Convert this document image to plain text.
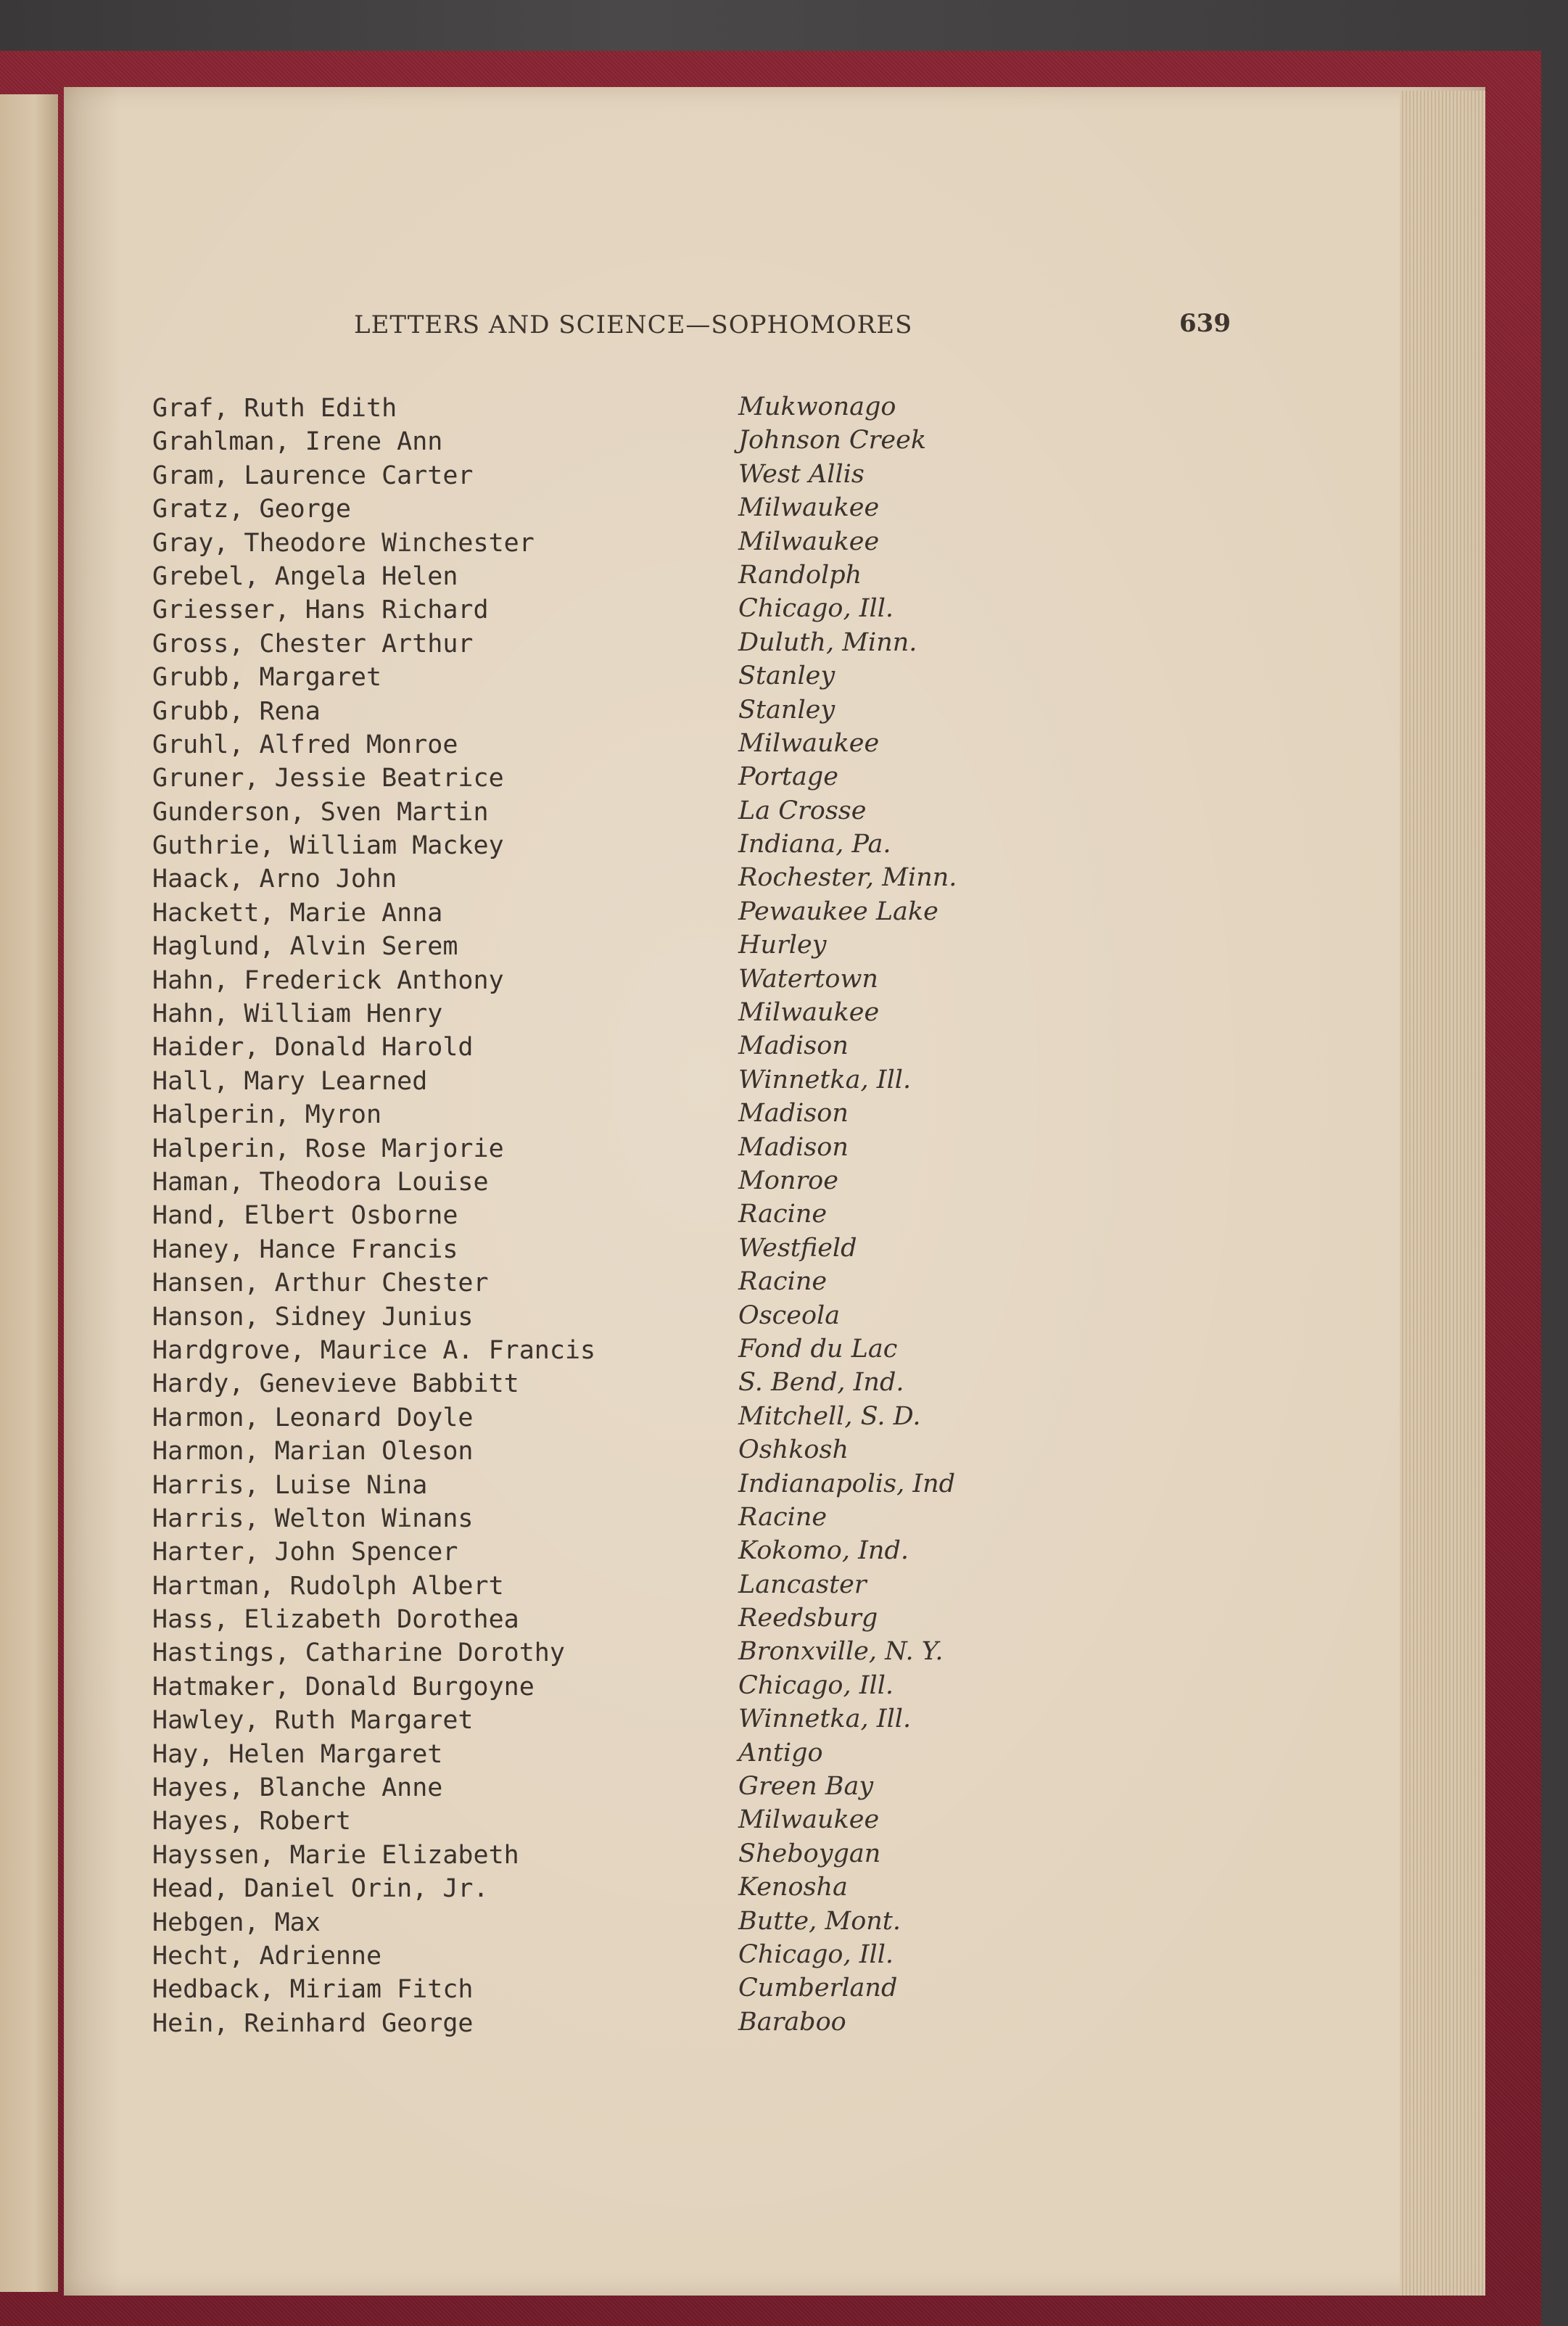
LETTERS AND SCIENCE—SOPHOMORES	639
Graf, Ruth Edith	Mukwonago
Grahlman, Irene Ann	Johnson Creek
Gram, Laurence Carter	West Allis
Gratz, George	Milwaukee
Gray, Theodore Winchester	Milwaukee
Grebel, Angela Helen	Randolph
Griesser, Hans Richard	Chicago, Ill.
Gross, Chester Arthur	Duluth, Minn.
Grubb, Margaret	Stanley
Grubb, Rena	Stanley
Gruhl, Alfred Monroe	Milwaukee
Gruner, Jessie Beatrice	Portage
Gunderson, Sven Martin	La Crosse
Guthrie, William Mackey	Indiana, Pa.
Haack, Arno John	Rochester, Minn.
Hackett, Marie Anna	Pewaukee Lake
Haglund, Alvin Serem	Hurley
Hahn, Frederick Anthony	Watertown
Hahn, William Henry	Milwaukee
Haider, Donald Harold	Madison
Hall, Mary Learned	Winnetka, Ill.
Halperin, Myron	Madison
Halperin, Rose Marjorie	Madison
Haman, Theodora Louise	Monroe
Hand, Elbert Osborne	Racine
Haney, Hance Francis	Westfield
Hansen, Arthur Chester	Racine
Hanson, Sidney Junius	Osceola
Hardgrove, Maurice A. Francis	Fond du Lac
Hardy, Genevieve Babbitt	S. Bend, Ind.
Harmon, Leonard Doyle	Mitchell, S. D.
Harmon, Marian Oleson	Oshkosh
Harris, Luise Nina	Indianapolis, Ind
Harris, Welton Winans	Racine
Harter, John Spencer	Kokomo, Ind.
Hartman, Rudolph Albert	Lancaster
Hass, Elizabeth Dorothea	Reedsburg
Hastings, Catharine Dorothy	Bronxville, N. Y.
Hatmaker, Donald Burgoyne	Chicago, Ill.
Hawley, Ruth Margaret	Winnetka, Ill.
Hay, Helen Margaret	Antigo
Hayes, Blanche Anne	Green Bay
Hayes, Robert	Milwaukee
Hayssen, Marie Elizabeth	Sheboygan
Head, Daniel Orin, Jr.	Kenosha
Hebgen, Max	Butte, Mont.
Hecht, Adrienne	Chicago, Ill.
Hedback, Miriam Fitch	Cumberland
Hein, Reinhard George	Baraboo
